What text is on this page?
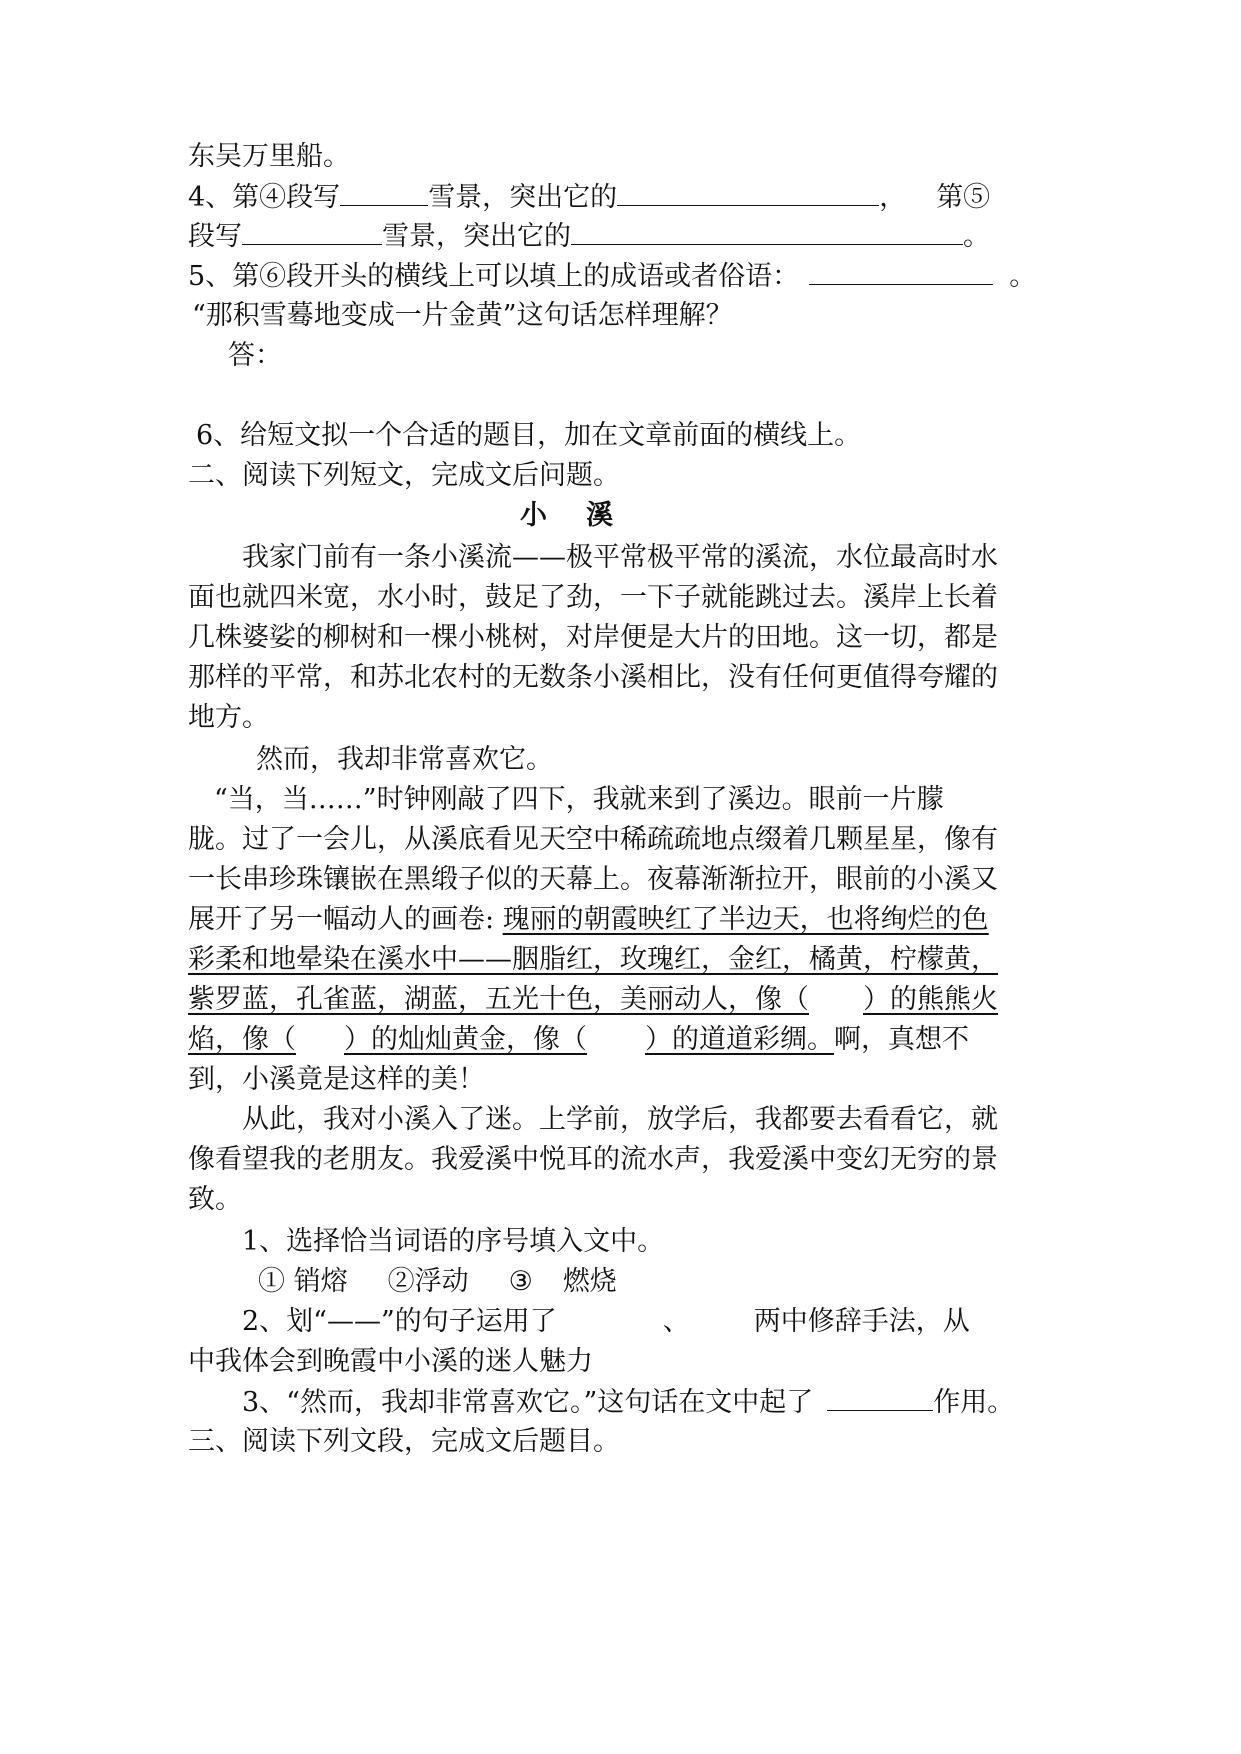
东吴万里船。
4、第④段写	雪景，突出它的	， 第⑤
段写	雪景，突出它的	。
5、第⑥段开头的横线上可以填上的成语或者俗语：	。
“那积雪蓦地变成一片金黄”这句话怎样理解？
答：
6、给短文拟一个合适的题目，加在文章前面的横线上。
二、阅读下列短文，完成文后问题。
小　溪
我家门前有一条小溪流——极平常极平常的溪流，水位最高时水
面也就四米宽，水小时，鼓足了劲，一下子就能跳过去。溪岸上长着
几株婆娑的柳树和一棵小桃树，对岸便是大片的田地。这一切，都是
那样的平常，和苏北农村的无数条小溪相比，没有任何更值得夸耀的
地方。
然而，我却非常喜欢它。
“当，当……”时钟刚敲了四下，我就来到了溪边。眼前一片朦
胧。过了一会儿，从溪底看见天空中稀疏疏地点缀着几颗星星，像有
一长串珍珠镶嵌在黑缎子似的天幕上。夜幕渐渐拉开，眼前的小溪又
展开了另一幅动人的画卷: 瑰丽的朝霞映红了半边天，也将绚烂的色
彩柔和地晕染在溪水中——胭脂红，玫瑰红，金红，橘黄，柠檬黄，
紫罗蓝，孔雀蓝，湖蓝，五光十色，美丽动人，像（ ）的熊熊火
焰，像（ ）的灿灿黄金，像（ ）的道道彩绸。啊，真想不
到，小溪竟是这样的美！
从此，我对小溪入了迷。上学前，放学后，我都要去看看它，就
像看望我的老朋友。我爱溪中悦耳的流水声，我爱溪中变幻无穷的景
致。
1、选择恰当词语的序号填入文中。
① 销熔 ②浮动 ③ 燃烧
2、划“——”的句子运用了	、 两中修辞手法，从
中我体会到晚霞中小溪的迷人魅力
3、“然而，我却非常喜欢它。”这句话在文中起了	作用。
三、阅读下列文段，完成文后题目。
